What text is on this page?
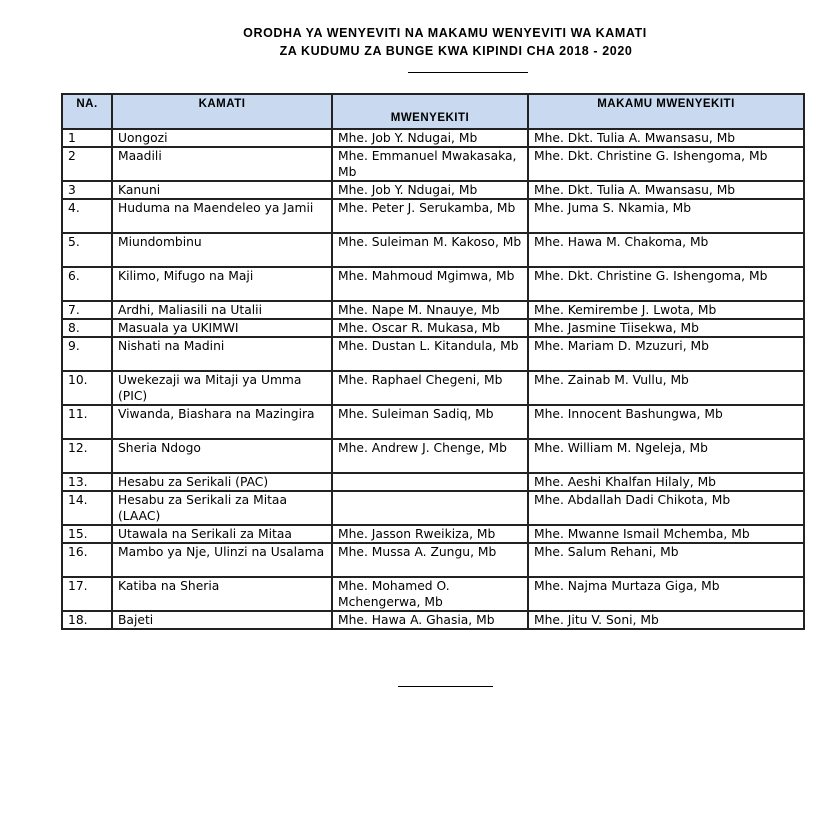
ORODHA YA WENYEVITI NA MAKAMU WENYEVITI WA KAMATI
ZA KUDUMU ZA BUNGE KWA KIPINDI CHA 2018 - 2020
NA.	KAMATI	MWENYEKITI	MAKAMU MWENYEKITI

1	Uongozi	Mhe. Job Y. Ndugai, Mb	Mhe. Dkt. Tulia A. Mwansasu, Mb
2	Maadili	Mhe. Emmanuel Mwakasaka, Mb	Mhe. Dkt. Christine G. Ishengoma, Mb
3	Kanuni	Mhe. Job Y. Ndugai, Mb	Mhe. Dkt. Tulia A. Mwansasu, Mb
4.	Huduma na Maendeleo ya Jamii	Mhe. Peter J. Serukamba, Mb	Mhe. Juma S. Nkamia, Mb
5.	Miundombinu	Mhe. Suleiman M. Kakoso, Mb	Mhe. Hawa M. Chakoma, Mb
6.	Kilimo, Mifugo na Maji	Mhe. Mahmoud Mgimwa, Mb	Mhe. Dkt. Christine G. Ishengoma, Mb
7.	Ardhi, Maliasili na Utalii	Mhe. Nape M. Nnauye, Mb	Mhe. Kemirembe J. Lwota, Mb
8.	Masuala ya UKIMWI	Mhe. Oscar R. Mukasa, Mb	Mhe. Jasmine Tiisekwa, Mb
9.	Nishati na Madini	Mhe. Dustan L. Kitandula, Mb	Mhe. Mariam D. Mzuzuri, Mb
10.	Uwekezaji wa Mitaji ya Umma (PIC)	Mhe. Raphael Chegeni, Mb	Mhe. Zainab M. Vullu, Mb
11.	Viwanda, Biashara na Mazingira	Mhe. Suleiman Sadiq, Mb	Mhe. Innocent Bashungwa, Mb
12.	Sheria Ndogo	Mhe. Andrew J. Chenge, Mb	Mhe. William M. Ngeleja, Mb
13.	Hesabu za Serikali (PAC)		Mhe. Aeshi Khalfan Hilaly, Mb
14.	Hesabu za Serikali za Mitaa (LAAC)		Mhe. Abdallah Dadi Chikota, Mb
15.	Utawala na Serikali za Mitaa	Mhe. Jasson Rweikiza, Mb	Mhe. Mwanne Ismail Mchemba, Mb
16.	Mambo ya Nje, Ulinzi na Usalama	Mhe. Mussa A. Zungu, Mb	Mhe. Salum Rehani, Mb
17.	Katiba na Sheria	Mhe. Mohamed O. Mchengerwa, Mb	Mhe. Najma Murtaza Giga, Mb
18.	Bajeti	Mhe. Hawa A. Ghasia, Mb	Mhe. Jitu V. Soni, Mb
